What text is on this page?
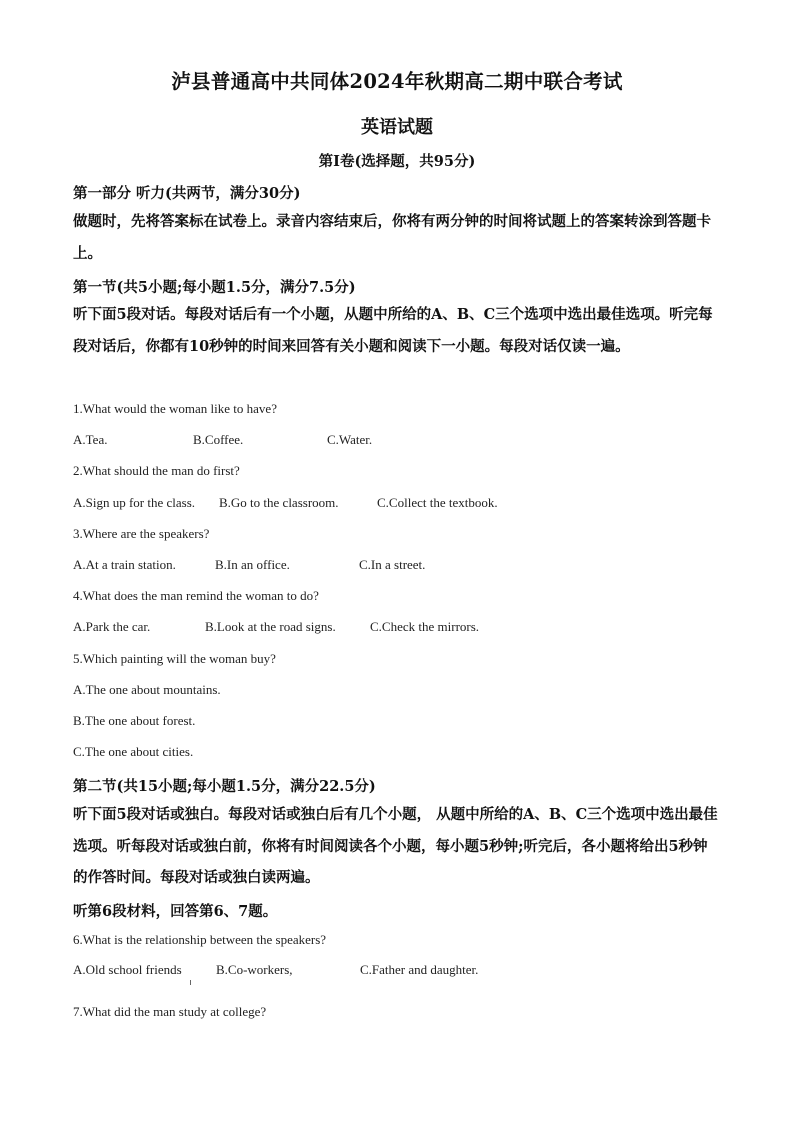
泸县普通高中共同体2024年秋期高二期中联合考试
英语试题
第I卷(选择题，共95分)
第一部分 听力(共两节，满分30分)
做题时，先将答案标在试卷上。录音内容结束后，你将有两分钟的时间将试题上的答案转涂到答题卡上。
第一节(共5小题;每小题1.5分，满分7.5分)
听下面5段对话。每段对话后有一个小题，从题中所给的A、B、C三个选项中选出最佳选项。听完每段对话后，你都有10秒钟的时间来回答有关小题和阅读下一小题。每段对话仅读一遍。
1.What would the woman like to have?
A.Tea.	B.Coffee.	C.Water.
2.What should the man do first?
A.Sign up for the class. B.Go to the classroom.	C.Collect the textbook.
3.Where are the speakers?
A.At a train station.	B.In an office.	C.In a street.
4.What does the man remind the woman to do?
A.Park the car.	B.Look at the road signs.	C.Check the mirrors.
5.Which painting will the woman buy?
A.The one about mountains.
B.The one about forest.
C.The one about cities.
第二节(共15小题;每小题1.5分，满分22.5分)
听下面5段对话或独白。每段对话或独白后有几个小题， 从题中所给的A、B、C三个选项中选出最佳选项。听每段对话或独白前，你将有时间阅读各个小题，每小题5秒钟;听完后，各小题将给出5秒钟的作答时间。每段对话或独白读两遍。
听第6段材料，回答第6、7题。
6.What is the relationship between the speakers?
A.Old school friends	B.Co-workers,	C.Father and daughter.
7.What did the man study at college?
